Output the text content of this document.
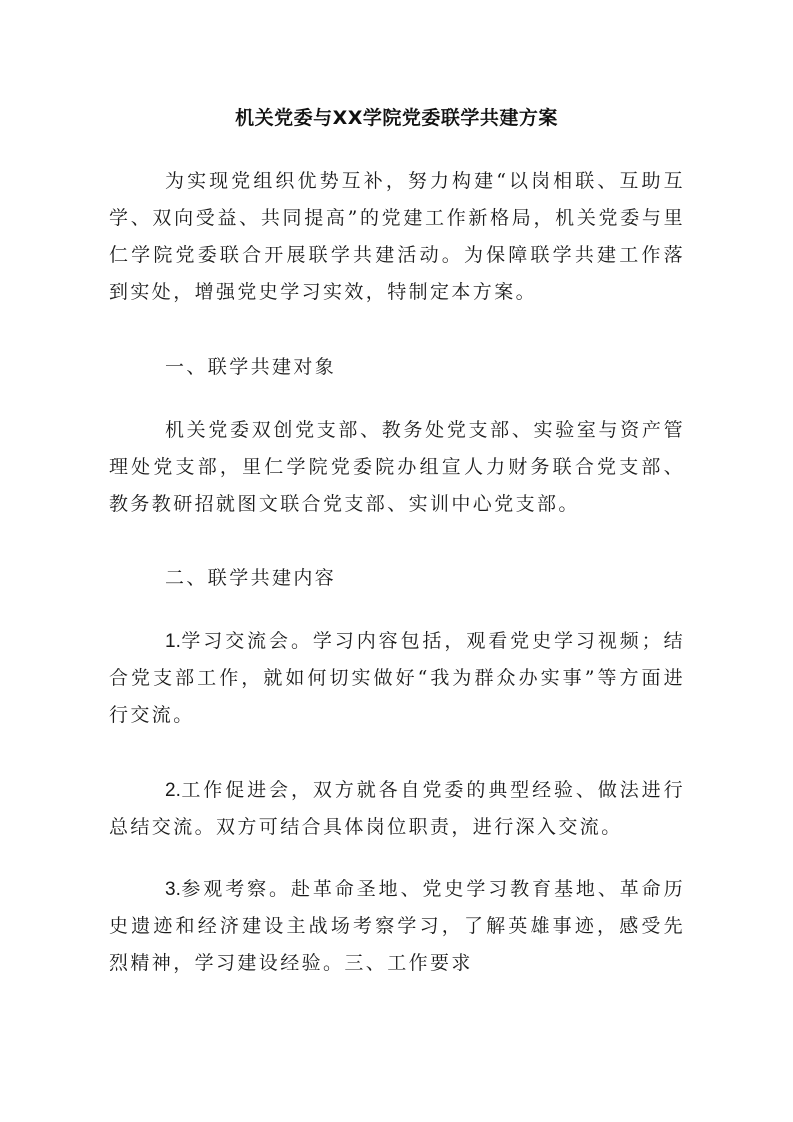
机关党委与XX学院党委联学共建方案
为实现党组织优势互补，努力构建“以岗相联、互助互学、双向受益、共同提高”的党建工作新格局，机关党委与里仁学院党委联合开展联学共建活动。为保障联学共建工作落到实处，增强党史学习实效，特制定本方案。
一、联学共建对象
机关党委双创党支部、教务处党支部、实验室与资产管理处党支部，里仁学院党委院办组宣人力财务联合党支部、教务教研招就图文联合党支部、实训中心党支部。
二、联学共建内容
1.学习交流会。学习内容包括，观看党史学习视频；结合党支部工作，就如何切实做好“我为群众办实事”等方面进行交流。
2.工作促进会，双方就各自党委的典型经验、做法进行总结交流。双方可结合具体岗位职责，进行深入交流。
3.参观考察。赴革命圣地、党史学习教育基地、革命历史遗迹和经济建设主战场考察学习，了解英雄事迹，感受先烈精神，学习建设经验。三、工作要求
